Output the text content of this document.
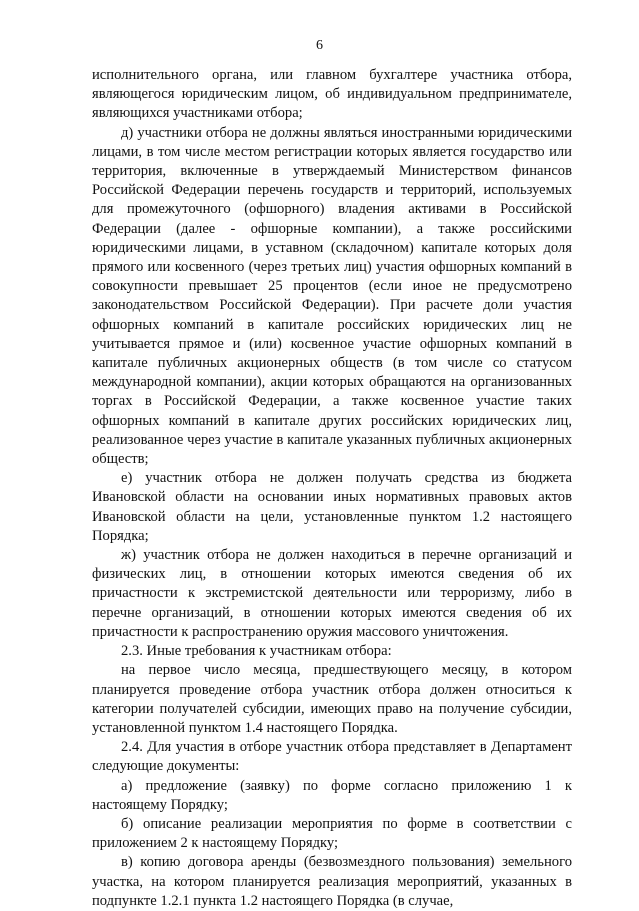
6

исполнительного органа, или главном бухгалтере участника отбора, являющегося юридическим лицом, об индивидуальном предпринимателе, являющихся участниками отбора;

д) участники отбора не должны являться иностранными юридическими лицами, в том числе местом регистрации которых является государство или территория, включенные в утверждаемый Министерством финансов Российской Федерации перечень государств и территорий, используемых для промежуточного (офшорного) владения активами в Российской Федерации (далее - офшорные компании), а также российскими юридическими лицами, в уставном (складочном) капитале которых доля прямого или косвенного (через третьих лиц) участия офшорных компаний в совокупности превышает 25 процентов (если иное не предусмотрено законодательством Российской Федерации). При расчете доли участия офшорных компаний в капитале российских юридических лиц не учитывается прямое и (или) косвенное участие офшорных компаний в капитале публичных акционерных обществ (в том числе со статусом международной компании), акции которых обращаются на организованных торгах в Российской Федерации, а также косвенное участие таких офшорных компаний в капитале других российских юридических лиц, реализованное через участие в капитале указанных публичных акционерных обществ;

е) участник отбора не должен получать средства из бюджета Ивановской области на основании иных нормативных правовых актов Ивановской области на цели, установленные пунктом 1.2 настоящего Порядка;

ж) участник отбора не должен находиться в перечне организаций и физических лиц, в отношении которых имеются сведения об их причастности к экстремистской деятельности или терроризму, либо в перечне организаций, в отношении которых имеются сведения об их причастности к распространению оружия массового уничтожения.

2.3. Иные требования к участникам отбора:

на первое число месяца, предшествующего месяцу, в котором планируется проведение отбора участник отбора должен относиться к категории получателей субсидии, имеющих право на получение субсидии, установленной пунктом 1.4 настоящего Порядка.

2.4. Для участия в отборе участник отбора представляет в Департамент следующие документы:

а) предложение (заявку) по форме согласно приложению 1 к настоящему Порядку;

б) описание реализации мероприятия по форме в соответствии с приложением 2 к настоящему Порядку;

в) копию договора аренды (безвозмездного пользования) земельного участка, на котором планируется реализация мероприятий, указанных в подпункте 1.2.1 пункта 1.2 настоящего Порядка (в случае,
